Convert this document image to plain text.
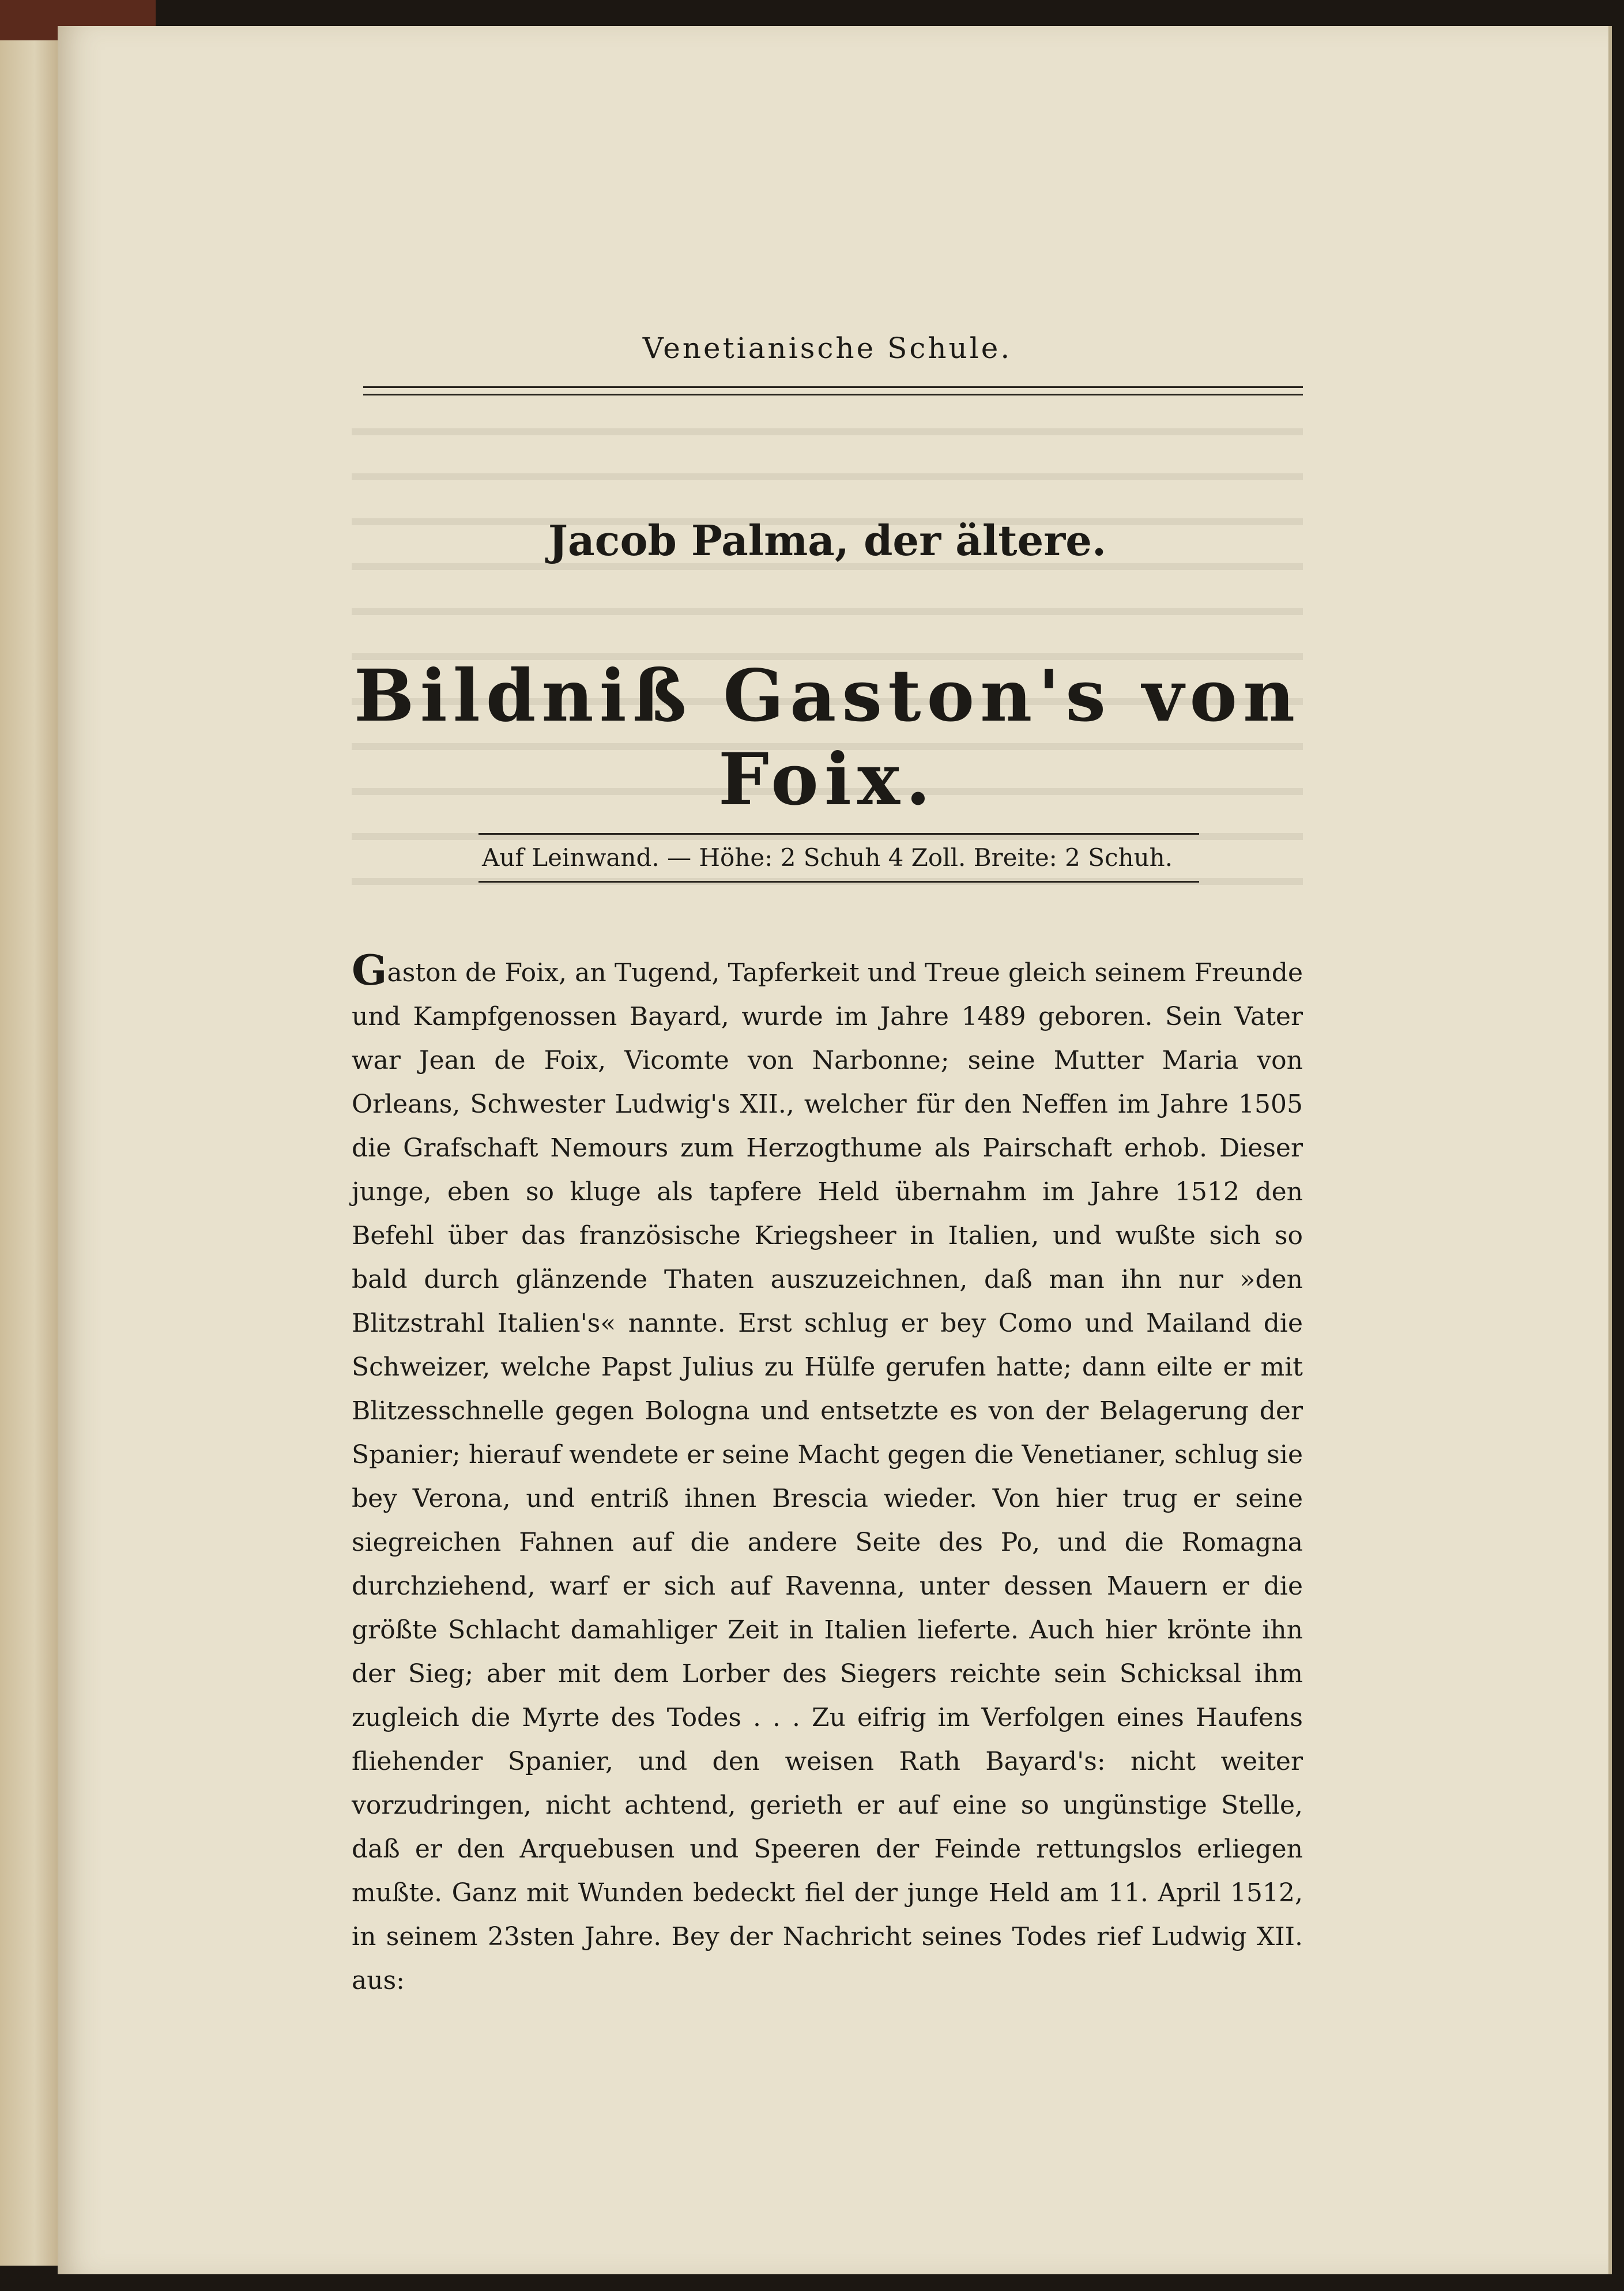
Venetianische Schule.
Jacob Palma, der ältere.
Bildniß Gaston's von Foix.
Auf Leinwand. — Höhe: 2 Schuh 4 Zoll. Breite: 2 Schuh.
Gaston de Foix, an Tugend, Tapferkeit und Treue gleich seinem Freunde und Kampfgenossen Bayard, wurde im Jahre 1489 geboren. Sein Vater war Jean de Foix, Vicomte von Narbonne; seine Mutter Maria von Orleans, Schwester Ludwig's XII., welcher für den Neffen im Jahre 1505 die Grafschaft Nemours zum Herzogthume als Pairschaft erhob. Dieser junge, eben so kluge als tapfere Held übernahm im Jahre 1512 den Befehl über das französische Kriegsheer in Italien, und wußte sich so bald durch glänzende Thaten auszuzeichnen, daß man ihn nur »den Blitzstrahl Italien's« nannte. Erst schlug er bey Como und Mailand die Schweizer, welche Papst Julius zu Hülfe gerufen hatte; dann eilte er mit Blitzesschnelle gegen Bologna und entsetzte es von der Belagerung der Spanier; hierauf wendete er seine Macht gegen die Venetianer, schlug sie bey Verona, und entriß ihnen Brescia wieder. Von hier trug er seine siegreichen Fahnen auf die andere Seite des Po, und die Romagna durchziehend, warf er sich auf Ravenna, unter dessen Mauern er die größte Schlacht damahliger Zeit in Italien lieferte. Auch hier krönte ihn der Sieg; aber mit dem Lorber des Siegers reichte sein Schicksal ihm zugleich die Myrte des Todes . . . Zu eifrig im Verfolgen eines Haufens fliehender Spanier, und den weisen Rath Bayard's: nicht weiter vorzudringen, nicht achtend, gerieth er auf eine so ungünstige Stelle, daß er den Arquebusen und Speeren der Feinde rettungslos erliegen mußte. Ganz mit Wunden bedeckt fiel der junge Held am 11. April 1512, in seinem 23sten Jahre. Bey der Nachricht seines Todes rief Ludwig XII. aus:
